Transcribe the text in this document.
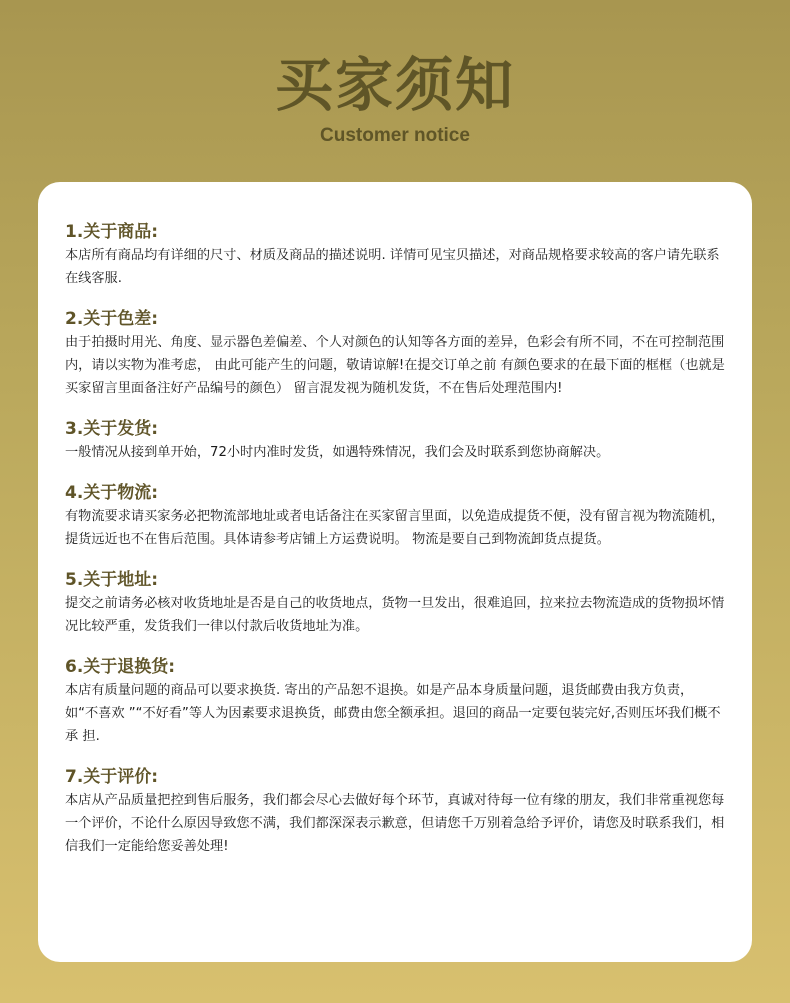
买家须知
Customer notice
1.关于商品:
本店所有商品均有详细的尺寸、材质及商品的描述说明. 详情可见宝贝描述，对商品规格要求较高的客户请先联系在线客服.
2.关于色差:
由于拍摄时用光、角度、显示器色差偏差、个人对颜色的认知等各方面的差异，色彩会有所不同，不在可控制范围内，请以实物为准考虑， 由此可能产生的问题，敬请谅解!在提交订单之前 有颜色要求的在最下面的框框（也就是买家留言里面备注好产品编号的颜色） 留言混发视为随机发货，不在售后处理范围内!
3.关于发货:
一般情况从接到单开始，72小时内准时发货，如遇特殊情况，我们会及时联系到您协商解决。
4.关于物流:
有物流要求请买家务必把物流部地址或者电话备注在买家留言里面，以免造成提货不便，没有留言视为物流随机，提货远近也不在售后范围。具体请参考店铺上方运费说明。 物流是要自己到物流卸货点提货。
5.关于地址:
提交之前请务必核对收货地址是否是自己的收货地点，货物一旦发出，很难追回，拉来拉去物流造成的货物损坏情况比较严重，发货我们一律以付款后收货地址为准。
6.关于退换货:
本店有质量问题的商品可以要求换货. 寄出的产品恕不退换。如是产品本身质量问题，退货邮费由我方负责，如“不喜欢 ”“不好看”等人为因素要求退换货，邮费由您全额承担。退回的商品一定要包装完好,否则压坏我们概不承 担.
7.关于评价:
本店从产品质量把控到售后服务，我们都会尽心去做好每个环节，真诚对待每一位有缘的朋友，我们非常重视您每一个评价，不论什么原因导致您不满，我们都深深表示歉意，但请您千万别着急给予评价，请您及时联系我们，相信我们一定能给您妥善处理!
